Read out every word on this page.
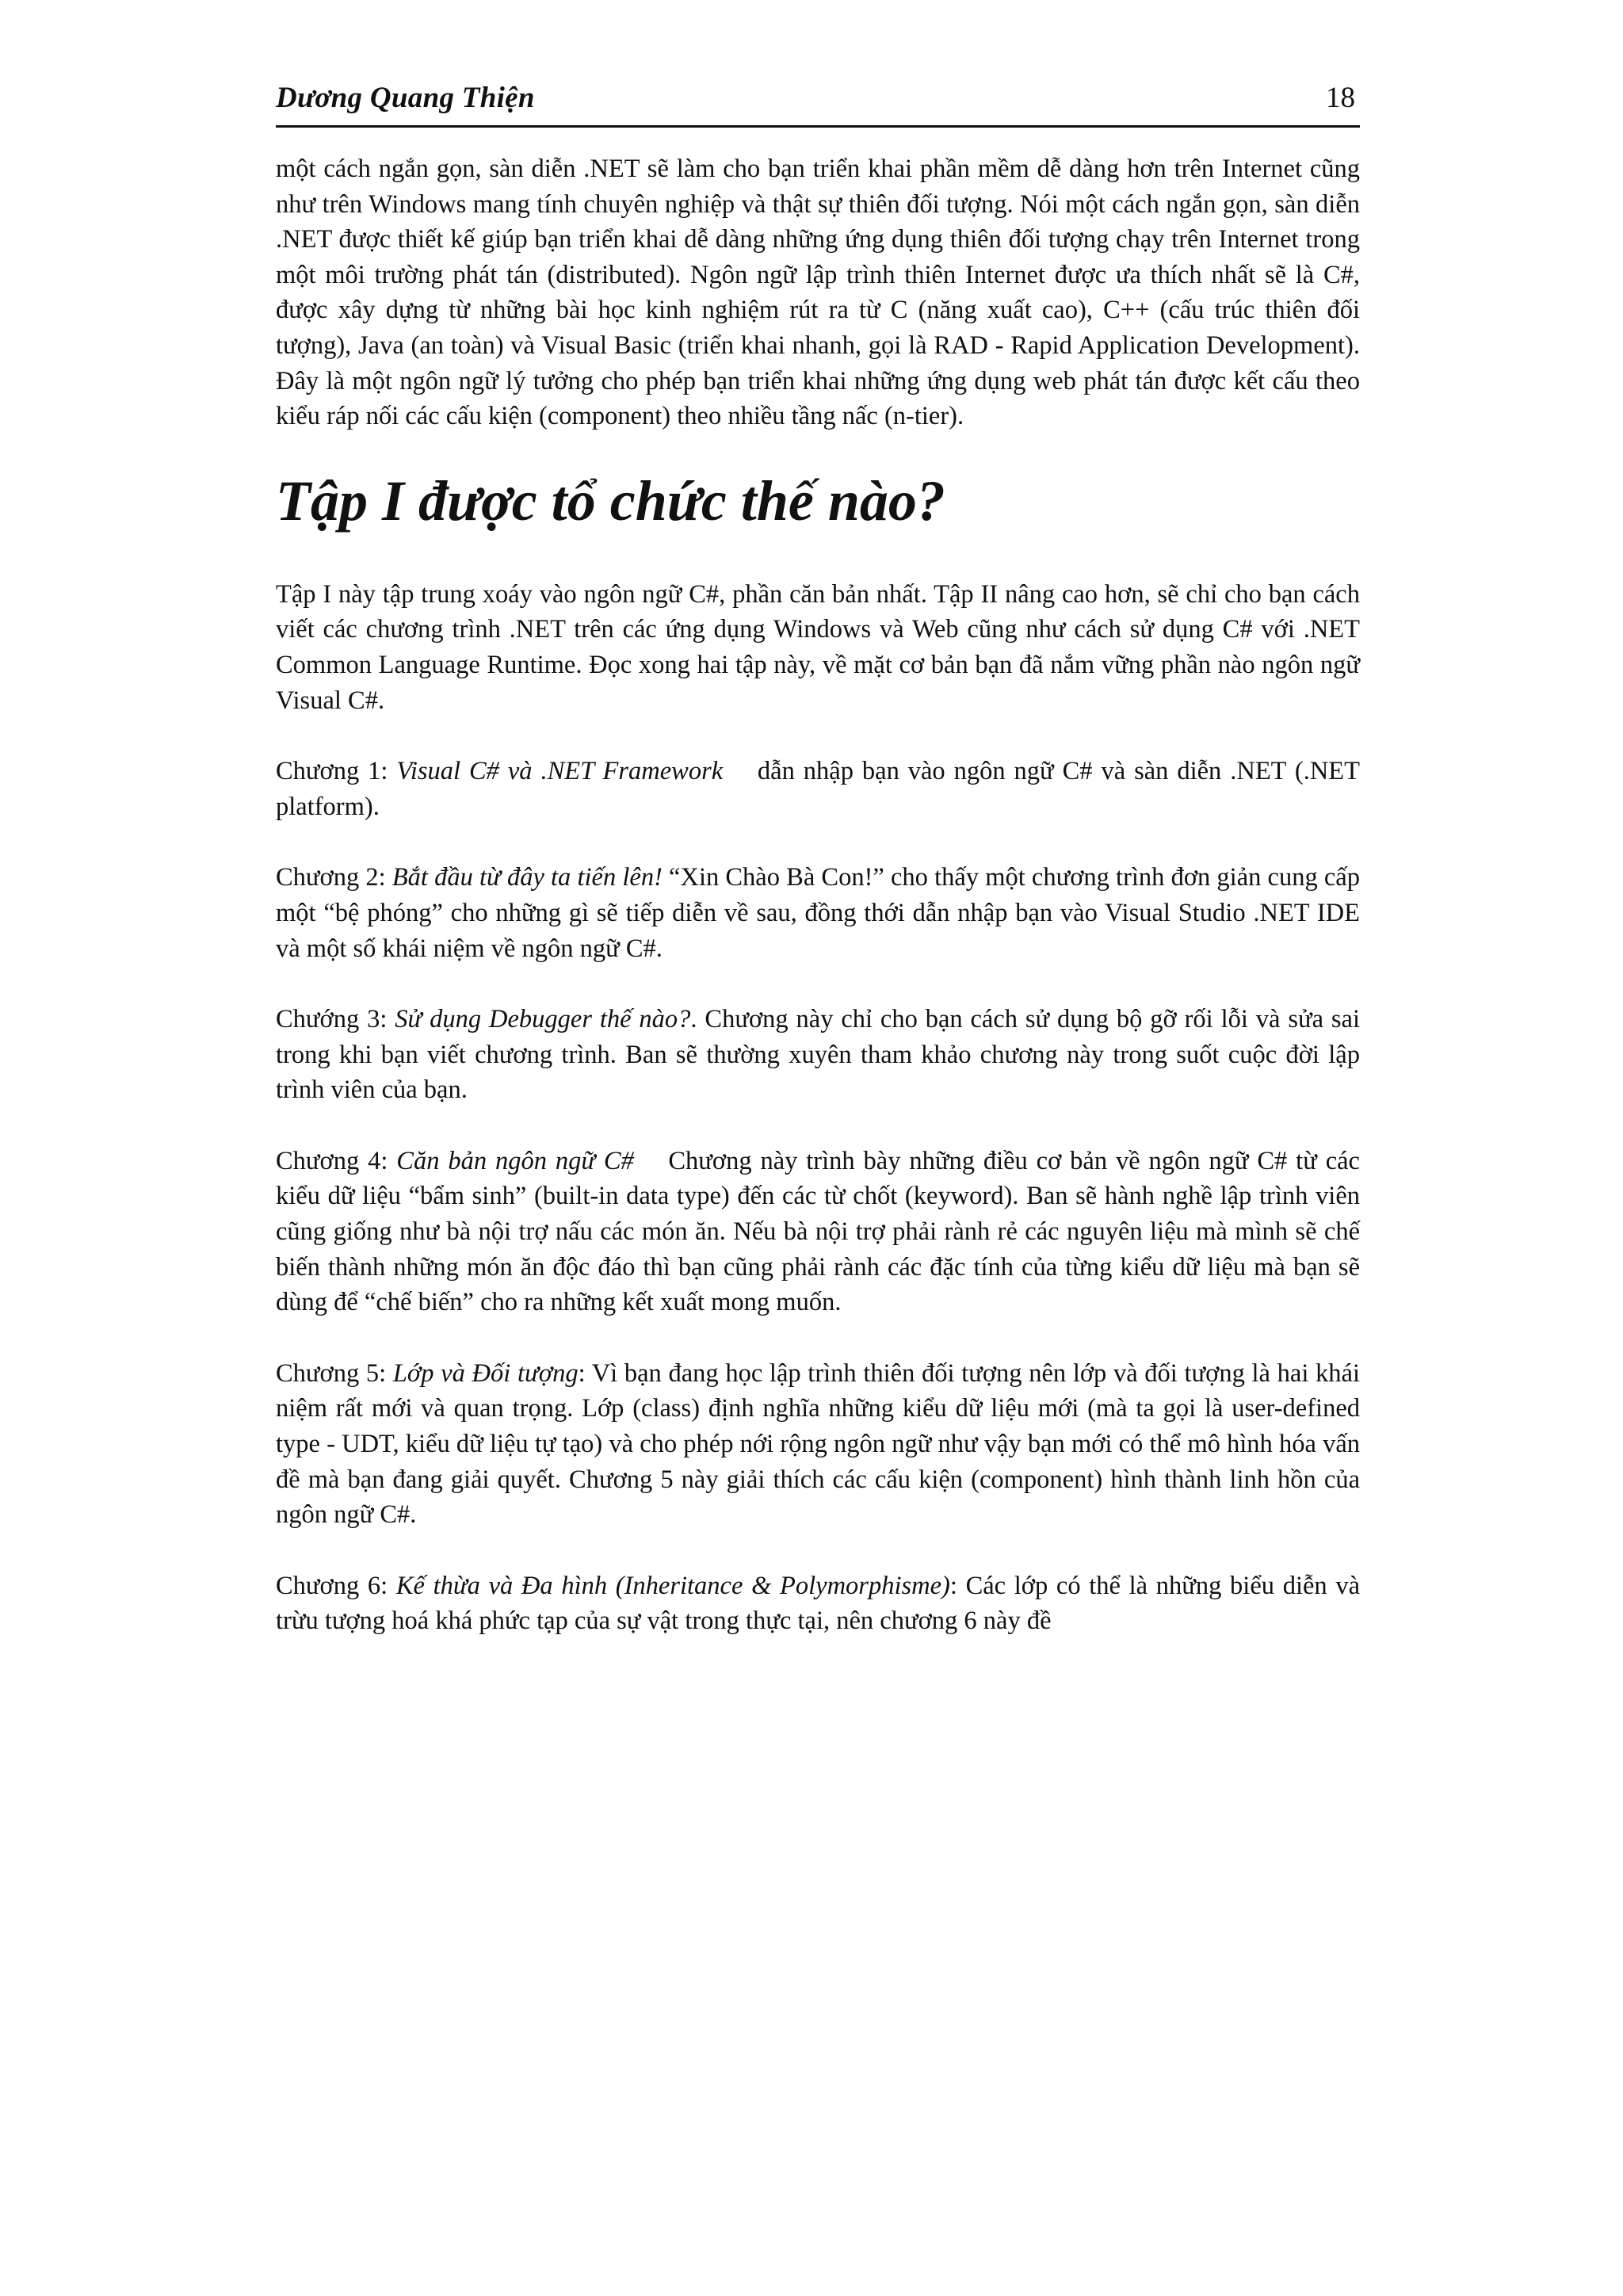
Dương Quang Thiện	18

một cách ngắn gọn, sàn diễn .NET sẽ làm cho bạn triển khai phần mềm dễ dàng hơn trên Internet cũng như trên Windows mang tính chuyên nghiệp và thật sự thiên đối tượng. Nói một cách ngắn gọn, sàn diễn .NET được thiết kế giúp bạn triển khai dễ dàng những ứng dụng thiên đối tượng chạy trên Internet trong một môi trường phát tán (distributed). Ngôn ngữ lập trình thiên Internet được ưa thích nhất sẽ là C#, được xây dựng từ những bài học kinh nghiệm rút ra từ C (năng xuất cao), C++ (cấu trúc thiên đối tượng), Java (an toàn) và Visual Basic (triển khai nhanh, gọi là RAD - Rapid Application Development). Đây là một ngôn ngữ lý tưởng cho phép bạn triển khai những ứng dụng web phát tán được kết cấu theo kiểu ráp nối các cấu kiện (component) theo nhiều tầng nấc (n-tier).

Tập I được tổ chức thế nào?

Tập I này tập trung xoáy vào ngôn ngữ C#, phần căn bản nhất. Tập II nâng cao hơn, sẽ chỉ cho bạn cách viết các chương trình .NET trên các ứng dụng Windows và Web cũng như cách sử dụng C# với .NET Common Language Runtime. Đọc xong hai tập này, về mặt cơ bản bạn đã nắm vững phần nào ngôn ngữ Visual C#.

Chương 1: Visual C# và .NET Framework    dẫn nhập bạn vào ngôn ngữ C# và sàn diễn .NET (.NET platform).

Chương 2: Bắt đầu từ đây ta tiến lên! “Xin Chào Bà Con!” cho thấy một chương trình đơn giản cung cấp một “bệ phóng” cho những gì sẽ tiếp diễn về sau, đồng thới dẫn nhập bạn vào Visual Studio .NET IDE và một số khái niệm về ngôn ngữ C#.

Chướng 3: Sử dụng Debugger thế nào?. Chương này chỉ cho bạn cách sử dụng bộ gỡ rối lỗi và sửa sai trong khi bạn viết chương trình. Ban sẽ thường xuyên tham khảo chương này trong suốt cuộc đời lập trình viên của bạn.

Chương 4: Căn bản ngôn ngữ C#    Chương này trình bày những điều cơ bản về ngôn ngữ C# từ các kiểu dữ liệu “bẩm sinh” (built-in data type) đến các từ chốt (keyword). Ban sẽ hành nghề lập trình viên cũng giống như bà nội trợ nấu các món ăn. Nếu bà nội trợ phải rành rẻ các nguyên liệu mà mình sẽ chế biến thành những món ăn độc đáo thì bạn cũng phải rành các đặc tính của từng kiểu dữ liệu mà bạn sẽ dùng để “chế biến” cho ra những kết xuất mong muốn.

Chương 5: Lớp và Đối tượng: Vì bạn đang học lập trình thiên đối tượng nên lớp và đối tượng là hai khái niệm rất mới và quan trọng. Lớp (class) định nghĩa những kiểu dữ liệu mới (mà ta gọi là user-defined type - UDT, kiểu dữ liệu tự tạo) và cho phép nới rộng ngôn ngữ như vậy bạn mới có thể mô hình hóa vấn đề mà bạn đang giải quyết. Chương 5 này giải thích các cấu kiện (component) hình thành linh hồn của ngôn ngữ C#.

Chương 6: Kế thừa và Đa hình (Inheritance & Polymorphisme): Các lớp có thể là những biểu diễn và trừu tượng hoá khá phức tạp của sự vật trong thực tại, nên chương 6 này đề
